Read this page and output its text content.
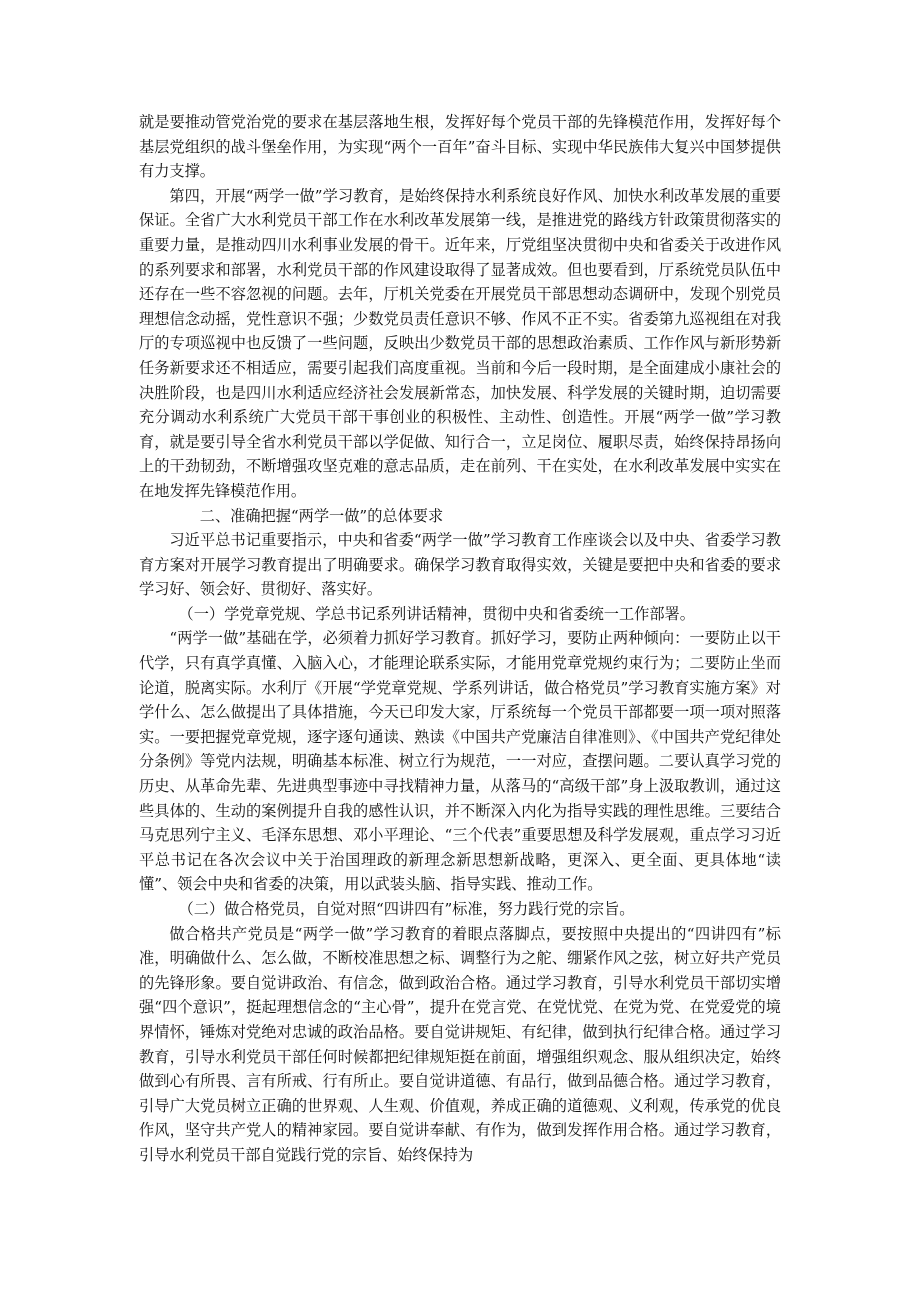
就是要推动管党治党的要求在基层落地生根，发挥好每个党员干部的先锋模范作用，发挥好每个基层党组织的战斗堡垒作用，为实现“两个一百年”奋斗目标、实现中华民族伟大复兴中国梦提供有力支撑。

第四，开展“两学一做”学习教育，是始终保持水利系统良好作风、加快水利改革发展的重要保证。全省广大水利党员干部工作在水利改革发展第一线，是推进党的路线方针政策贯彻落实的重要力量，是推动四川水利事业发展的骨干。近年来，厅党组坚决贯彻中央和省委关于改进作风的系列要求和部署，水利党员干部的作风建设取得了显著成效。但也要看到，厅系统党员队伍中还存在一些不容忽视的问题。去年，厅机关党委在开展党员干部思想动态调研中，发现个别党员理想信念动摇，党性意识不强；少数党员责任意识不够、作风不正不实。省委第九巡视组在对我厅的专项巡视中也反馈了一些问题，反映出少数党员干部的思想政治素质、工作作风与新形势新任务新要求还不相适应，需要引起我们高度重视。当前和今后一段时期，是全面建成小康社会的决胜阶段，也是四川水利适应经济社会发展新常态，加快发展、科学发展的关键时期，迫切需要充分调动水利系统广大党员干部干事创业的积极性、主动性、创造性。开展“两学一做”学习教育，就是要引导全省水利党员干部以学促做、知行合一，立足岗位、履职尽责，始终保持昂扬向上的干劲韧劲，不断增强攻坚克难的意志品质，走在前列、干在实处，在水利改革发展中实实在在地发挥先锋模范作用。

二、准确把握“两学一做”的总体要求

习近平总书记重要指示，中央和省委“两学一做”学习教育工作座谈会以及中央、省委学习教育方案对开展学习教育提出了明确要求。确保学习教育取得实效，关键是要把中央和省委的要求学习好、领会好、贯彻好、落实好。

（一）学党章党规、学总书记系列讲话精神，贯彻中央和省委统一工作部署。

“两学一做”基础在学，必须着力抓好学习教育。抓好学习，要防止两种倾向：一要防止以干代学，只有真学真懂、入脑入心，才能理论联系实际，才能用党章党规约束行为；二要防止坐而论道，脱离实际。水利厅《开展“学党章党规、学系列讲话，做合格党员”学习教育实施方案》对学什么、怎么做提出了具体措施，今天已印发大家，厅系统每一个党员干部都要一项一项对照落实。一要把握党章党规，逐字逐句通读、熟读《中国共产党廉洁自律准则》、《中国共产党纪律处分条例》等党内法规，明确基本标准、树立行为规范，一一对应，查摆问题。二要认真学习党的历史、从革命先辈、先进典型事迹中寻找精神力量，从落马的“高级干部”身上汲取教训，通过这些具体的、生动的案例提升自我的感性认识，并不断深入内化为指导实践的理性思维。三要结合马克思列宁主义、毛泽东思想、邓小平理论、“三个代表”重要思想及科学发展观，重点学习习近平总书记在各次会议中关于治国理政的新理念新思想新战略，更深入、更全面、更具体地“读懂”、领会中央和省委的决策，用以武装头脑、指导实践、推动工作。

（二）做合格党员，自觉对照“四讲四有”标准，努力践行党的宗旨。

做合格共产党员是“两学一做”学习教育的着眼点落脚点，要按照中央提出的“四讲四有”标准，明确做什么、怎么做，不断校准思想之标、调整行为之舵、绷紧作风之弦，树立好共产党员的先锋形象。要自觉讲政治、有信念，做到政治合格。通过学习教育，引导水利党员干部切实增强“四个意识”，挺起理想信念的“主心骨”，提升在党言党、在党忧党、在党为党、在党爱党的境界情怀，锤炼对党绝对忠诚的政治品格。要自觉讲规矩、有纪律，做到执行纪律合格。通过学习教育，引导水利党员干部任何时候都把纪律规矩挺在前面，增强组织观念、服从组织决定，始终做到心有所畏、言有所戒、行有所止。要自觉讲道德、有品行，做到品德合格。通过学习教育，引导广大党员树立正确的世界观、人生观、价值观，养成正确的道德观、义利观，传承党的优良作风，坚守共产党人的精神家园。要自觉讲奉献、有作为，做到发挥作用合格。通过学习教育，引导水利党员干部自觉践行党的宗旨、始终保持为
